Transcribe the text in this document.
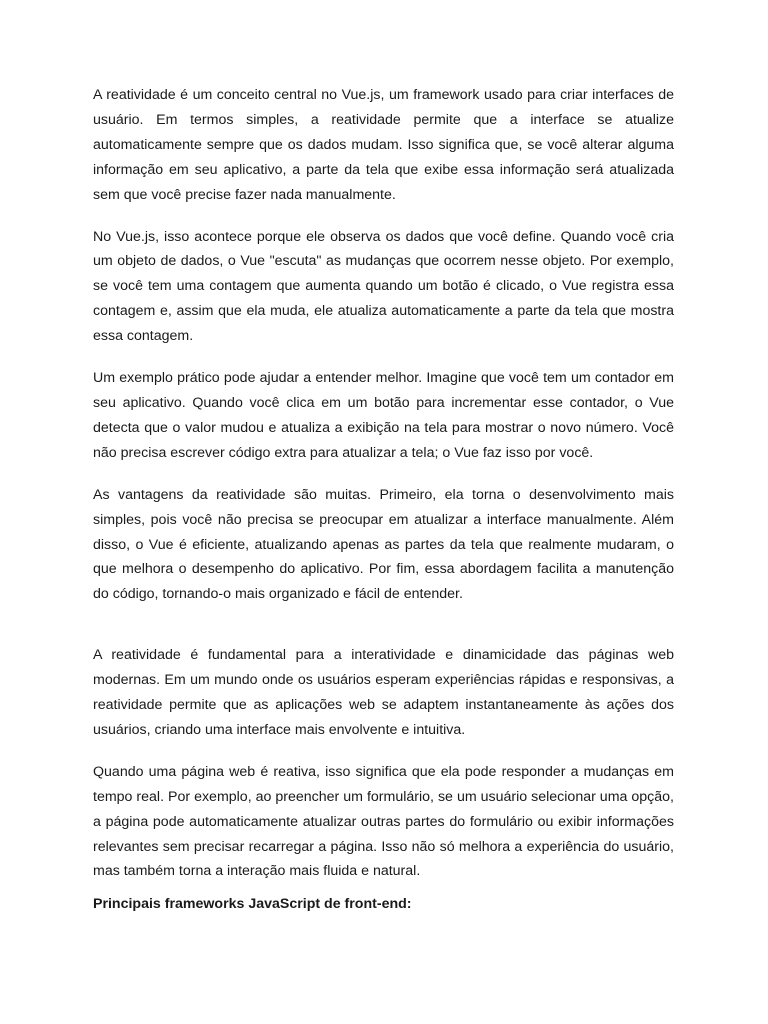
A reatividade é um conceito central no Vue.js, um framework usado para criar interfaces de usuário. Em termos simples, a reatividade permite que a interface se atualize automaticamente sempre que os dados mudam. Isso significa que, se você alterar alguma informação em seu aplicativo, a parte da tela que exibe essa informação será atualizada sem que você precise fazer nada manualmente.

No Vue.js, isso acontece porque ele observa os dados que você define. Quando você cria um objeto de dados, o Vue "escuta" as mudanças que ocorrem nesse objeto. Por exemplo, se você tem uma contagem que aumenta quando um botão é clicado, o Vue registra essa contagem e, assim que ela muda, ele atualiza automaticamente a parte da tela que mostra essa contagem.

Um exemplo prático pode ajudar a entender melhor. Imagine que você tem um contador em seu aplicativo. Quando você clica em um botão para incrementar esse contador, o Vue detecta que o valor mudou e atualiza a exibição na tela para mostrar o novo número. Você não precisa escrever código extra para atualizar a tela; o Vue faz isso por você.

As vantagens da reatividade são muitas. Primeiro, ela torna o desenvolvimento mais simples, pois você não precisa se preocupar em atualizar a interface manualmente. Além disso, o Vue é eficiente, atualizando apenas as partes da tela que realmente mudaram, o que melhora o desempenho do aplicativo. Por fim, essa abordagem facilita a manutenção do código, tornando-o mais organizado e fácil de entender.

A reatividade é fundamental para a interatividade e dinamicidade das páginas web modernas. Em um mundo onde os usuários esperam experiências rápidas e responsivas, a reatividade permite que as aplicações web se adaptem instantaneamente às ações dos usuários, criando uma interface mais envolvente e intuitiva.

Quando uma página web é reativa, isso significa que ela pode responder a mudanças em tempo real. Por exemplo, ao preencher um formulário, se um usuário selecionar uma opção, a página pode automaticamente atualizar outras partes do formulário ou exibir informações relevantes sem precisar recarregar a página. Isso não só melhora a experiência do usuário, mas também torna a interação mais fluida e natural.

Principais frameworks JavaScript de front-end:
